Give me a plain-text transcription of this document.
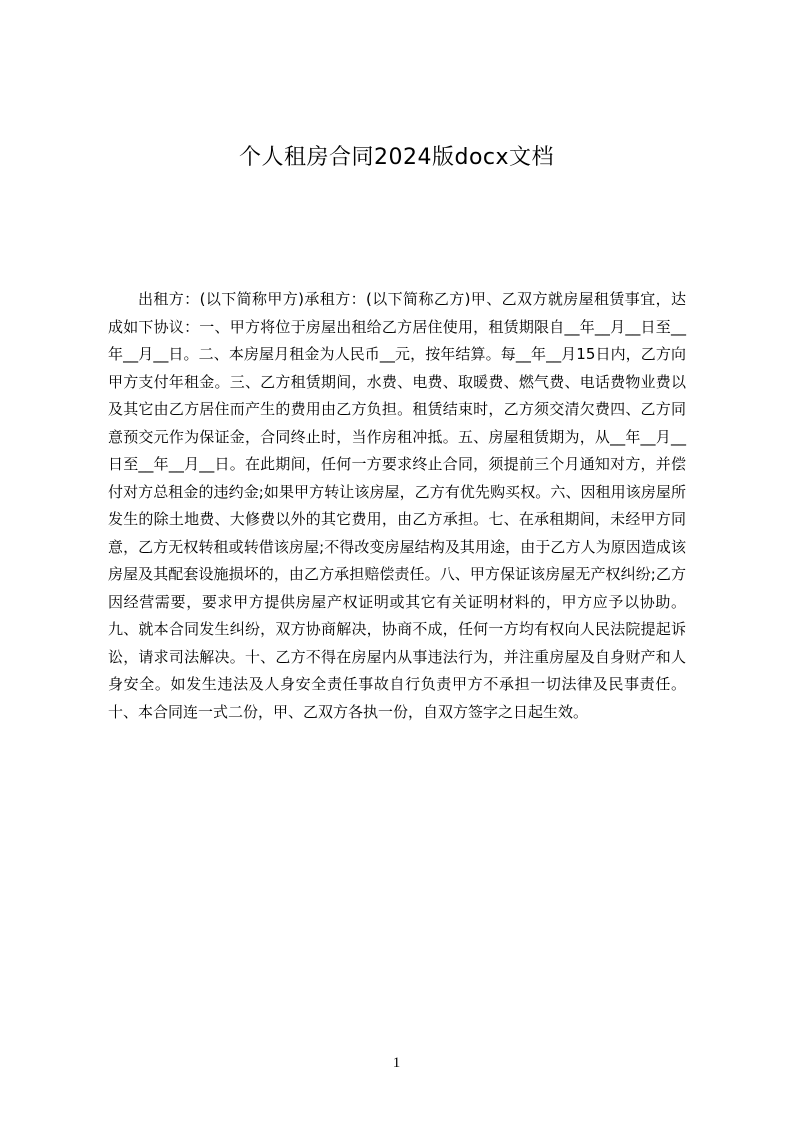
个人租房合同2024版docx文档

出租方：(以下简称甲方)承租方：(以下简称乙方)甲、乙双方就房屋租赁事宜，达成如下协议：一、甲方将位于房屋出租给乙方居住使用，租赁期限自__年__月__日至__年__月__日。二、本房屋月租金为人民币__元，按年结算。每__年__月15日内，乙方向甲方支付年租金。三、乙方租赁期间，水费、电费、取暖费、燃气费、电话费物业费以及其它由乙方居住而产生的费用由乙方负担。租赁结束时，乙方须交清欠费四、乙方同意预交元作为保证金，合同终止时，当作房租冲抵。五、房屋租赁期为，从__年__月__日至__年__月__日。在此期间，任何一方要求终止合同，须提前三个月通知对方，并偿付对方总租金的违约金;如果甲方转让该房屋，乙方有优先购买权。六、因租用该房屋所发生的除土地费、大修费以外的其它费用，由乙方承担。七、在承租期间，未经甲方同意，乙方无权转租或转借该房屋;不得改变房屋结构及其用途，由于乙方人为原因造成该房屋及其配套设施损坏的，由乙方承担赔偿责任。八、甲方保证该房屋无产权纠纷;乙方因经营需要，要求甲方提供房屋产权证明或其它有关证明材料的，甲方应予以协助。九、就本合同发生纠纷，双方协商解决，协商不成，任何一方均有权向人民法院提起诉讼，请求司法解决。十、乙方不得在房屋内从事违法行为，并注重房屋及自身财产和人身安全。如发生违法及人身安全责任事故自行负责甲方不承担一切法律及民事责任。十、本合同连一式二份，甲、乙双方各执一份，自双方签字之日起生效。

1
